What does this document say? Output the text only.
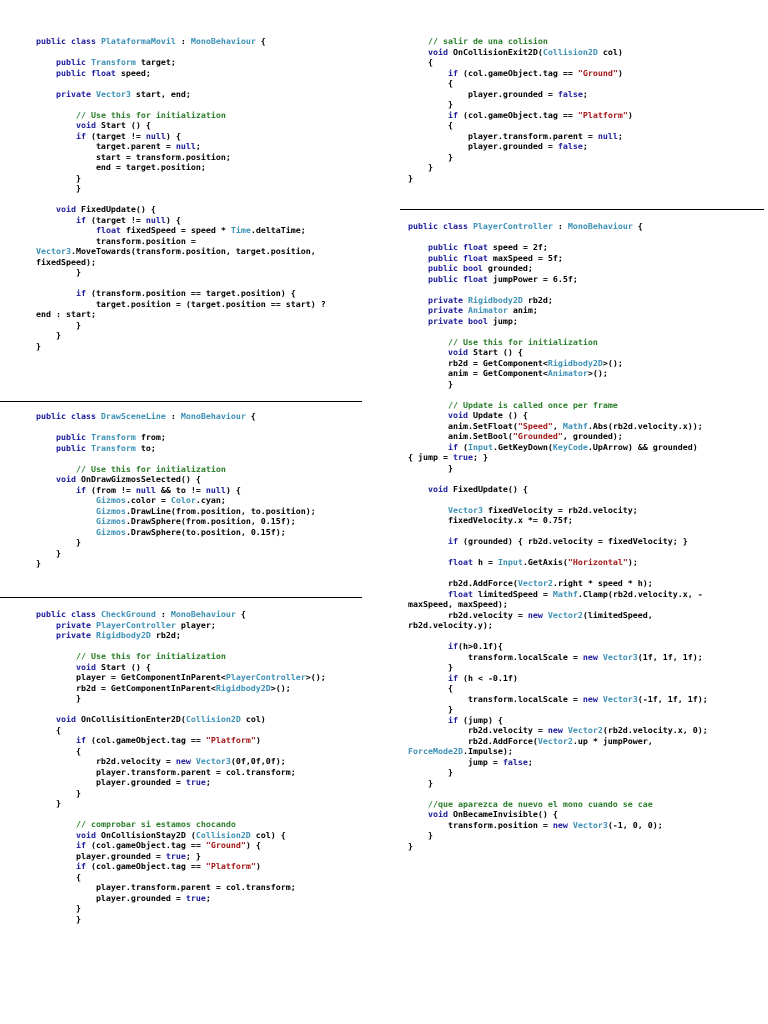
public class PlataformaMovil : MonoBehaviour {

public Transform target;
public float speed;

private Vector3 start, end;

// Use this for initialization
void Start () {
if (target != null) {
target.parent = null;
start = transform.position;
end = target.position;
}
}

void FixedUpdate() {
if (target != null) {
float fixedSpeed = speed * Time.deltaTime;
transform.position =
Vector3.MoveTowards(transform.position, target.position,
fixedSpeed);
}

if (transform.position == target.position) {
target.position = (target.position == start) ?
end : start;
}
}
}
public class DrawSceneLine : MonoBehaviour {

public Transform from;
public Transform to;

// Use this for initialization
void OnDrawGizmosSelected() {
if (from != null && to != null) {
Gizmos.color = Color.cyan;
Gizmos.DrawLine(from.position, to.position);
Gizmos.DrawSphere(from.position, 0.15f);
Gizmos.DrawSphere(to.position, 0.15f);
}
}
}
public class CheckGround : MonoBehaviour {
private PlayerController player;
private Rigidbody2D rb2d;

// Use this for initialization
void Start () {
player = GetComponentInParent<PlayerController>();
rb2d = GetComponentInParent<Rigidbody2D>();
}

void OnCollisitionEnter2D(Collision2D col)
{
if (col.gameObject.tag == "Platform")
{
rb2d.velocity = new Vector3(0f,0f,0f);
player.transform.parent = col.transform;
player.grounded = true;
}
}

// comprobar si estamos chocando
void OnCollisionStay2D (Collision2D col) {
if (col.gameObject.tag == "Ground") {
player.grounded = true; }
if (col.gameObject.tag == "Platform")
{
player.transform.parent = col.transform;
player.grounded = true;
}
}
// salir de una colision
void OnCollisionExit2D(Collision2D col)
{
if (col.gameObject.tag == "Ground")
{
player.grounded = false;
}
if (col.gameObject.tag == "Platform")
{
player.transform.parent = null;
player.grounded = false;
}
}
}
public class PlayerController : MonoBehaviour {

public float speed = 2f;
public float maxSpeed = 5f;
public bool grounded;
public float jumpPower = 6.5f;

private Rigidbody2D rb2d;
private Animator anim;
private bool jump;

// Use this for initialization
void Start () {
rb2d = GetComponent<Rigidbody2D>();
anim = GetComponent<Animator>();
}

// Update is called once per frame
void Update () {
anim.SetFloat("Speed", Mathf.Abs(rb2d.velocity.x));
anim.SetBool("Grounded", grounded);
if (Input.GetKeyDown(KeyCode.UpArrow) && grounded)
{ jump = true; }
}

void FixedUpdate() {

Vector3 fixedVelocity = rb2d.velocity;
fixedVelocity.x *= 0.75f;

if (grounded) { rb2d.velocity = fixedVelocity; }

float h = Input.GetAxis("Horizontal");

rb2d.AddForce(Vector2.right * speed * h);
float limitedSpeed = Mathf.Clamp(rb2d.velocity.x, -
maxSpeed, maxSpeed);
rb2d.velocity = new Vector2(limitedSpeed,
rb2d.velocity.y);

if(h>0.1f){
transform.localScale = new Vector3(1f, 1f, 1f);
}
if (h < -0.1f)
{
transform.localScale = new Vector3(-1f, 1f, 1f);
}
if (jump) {
rb2d.velocity = new Vector2(rb2d.velocity.x, 0);
rb2d.AddForce(Vector2.up * jumpPower,
ForceMode2D.Impulse);
jump = false;
}
}

//que aparezca de nuevo el mono cuando se cae
void OnBecameInvisible() {
transform.position = new Vector3(-1, 0, 0);
}
}
